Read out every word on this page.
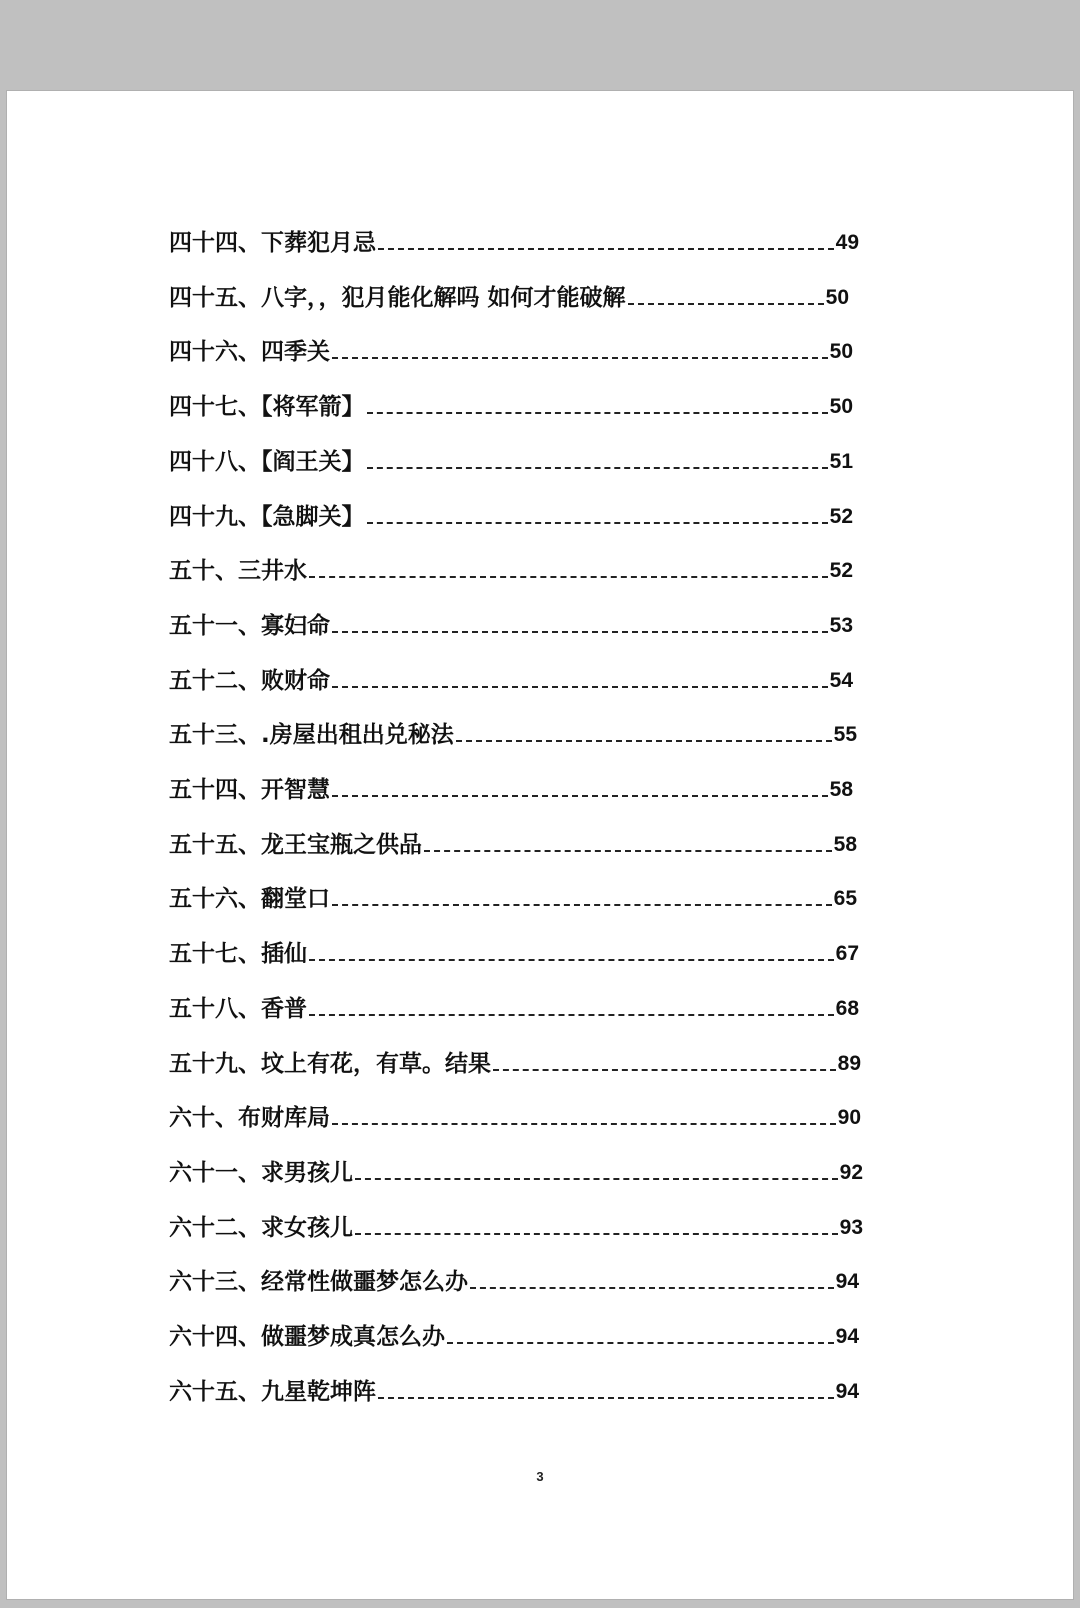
四十四、下葬犯月忌	49
四十五、八字，，犯月能化解吗 如何才能破解	50
四十六、四季关	50
四十七、【将军箭】	50
四十八、【阎王关】	51
四十九、【急脚关】	52
五十、三井水	52
五十一、寡妇命	53
五十二、败财命	54
五十三、.房屋出租出兑秘法	55
五十四、开智慧	58
五十五、龙王宝瓶之供品	58
五十六、翻堂口	65
五十七、插仙	67
五十八、香普	68
五十九、坟上有花，有草。结果	89
六十、布财库局	90
六十一、求男孩儿	92
六十二、求女孩儿	93
六十三、经常性做噩梦怎么办	94
六十四、做噩梦成真怎么办	94
六十五、九星乾坤阵	94
3
